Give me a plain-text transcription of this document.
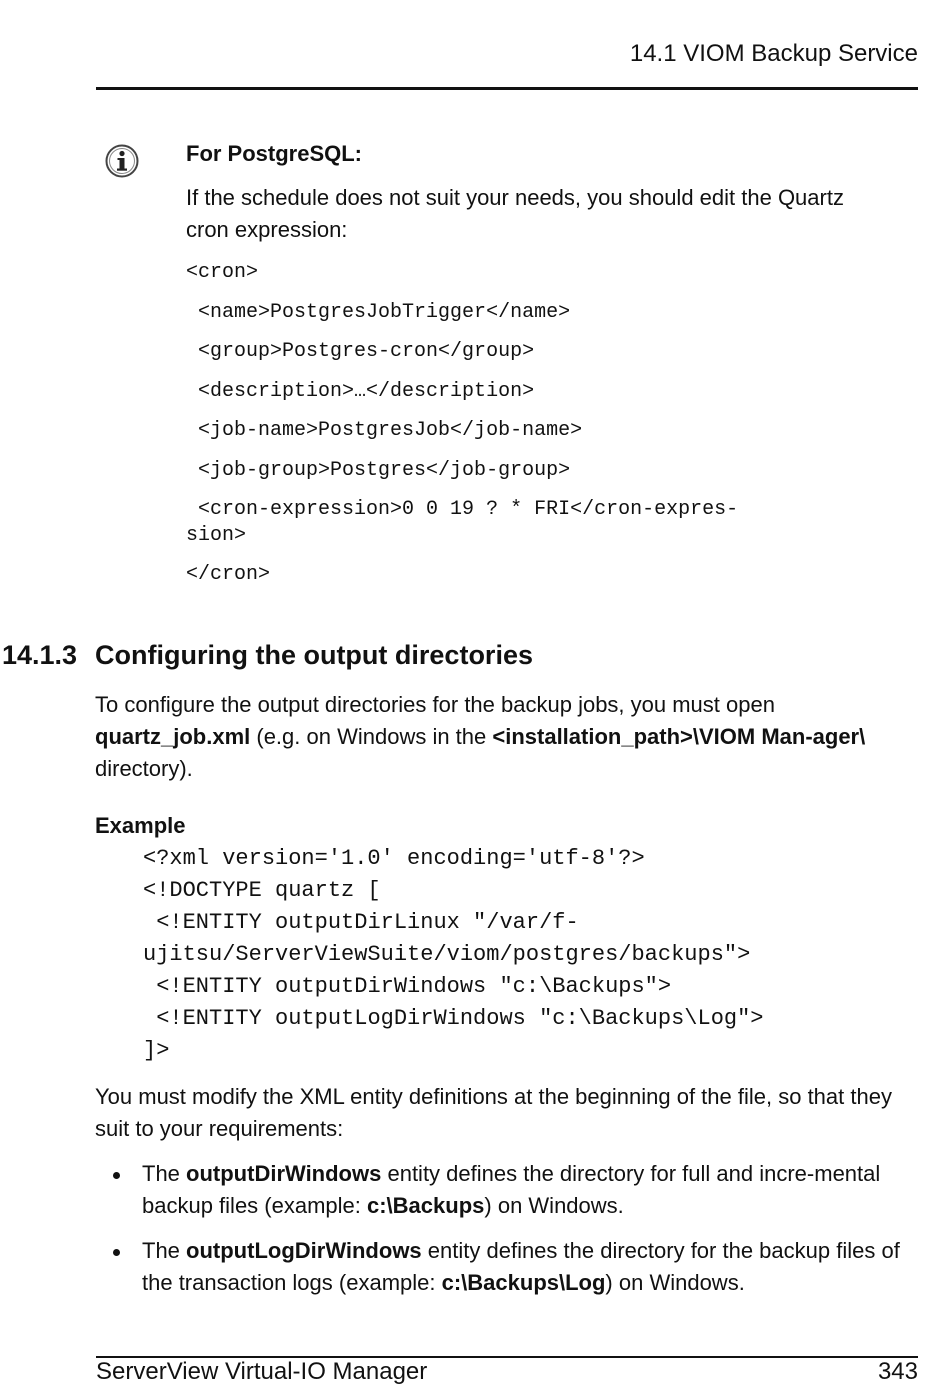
14.1 VIOM Backup Service
For PostgreSQL:
If the schedule does not suit your needs, you should edit the Quartz cron expression:
<cron>
<name>PostgresJobTrigger</name>
<group>Postgres-cron</group>
<description>…</description>
<job-name>PostgresJob</job-name>
<job-group>Postgres</job-group>
<cron-expression>0 0 19 ? * FRI</cron-expres-
sion>
</cron>
14.1.3 Configuring the output directories
To configure the output directories for the backup jobs, you must open quartz_job.xml (e.g. on Windows in the <installation_path>\VIOM Man-ager\ directory).
Example
<?xml version='1.0' encoding='utf-8'?>
<!DOCTYPE quartz [
<!ENTITY outputDirLinux "/var/f-
ujitsu/ServerViewSuite/viom/postgres/backups">
<!ENTITY outputDirWindows "c:\Backups">
<!ENTITY outputLogDirWindows "c:\Backups\Log">
]>
You must modify the XML entity definitions at the beginning of the file, so that they suit to your requirements:
The outputDirWindows entity defines the directory for full and incre-mental backup files (example: c:\Backups) on Windows.
The outputLogDirWindows entity defines the directory for the backup files of the transaction logs (example: c:\Backups\Log) on Windows.
ServerView Virtual-IO Manager	343
